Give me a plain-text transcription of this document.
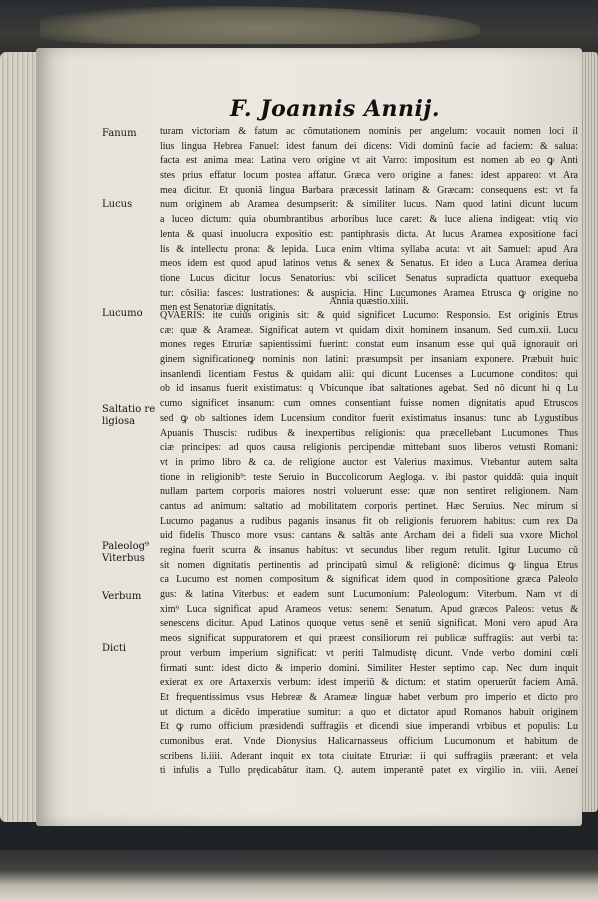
F. Joannis Annij.
Fanum
Lucus
Lucumo
Saltatio re
ligiosa
Paleolog⁹
Viterbus
Verbum
Dicti
turam victoriam & fatum ac cõmutationem nominis per angelum: vocauit nomen loci il
lius lingua Hebrea Fanuel: idest fanum dei dicens: Vidi dominũ facie ad faciem: & salua:
facta est anima mea: Latina vero origine vt ait Varro: impositum est nomen ab eo ꝙ Anti
stes prius effatur locum postea affatur. Græca vero origine a fanes: idest appareo: vt Ara
mea dicitur. Et quoniã lingua Barbara præcessit latinam & Græcam: consequens est: vt fa
num originem ab Aramea desumpserit: & similiter lucus. Nam quod latini dicunt lucum
a luceo dictum: quia obumbrantibus arboribus luce caret: & luce aliena indigeat: vtiq vio
lenta & quasi inuolucra expositio est: pantiphrasis dicta. At lucus Aramea expositione faci
lis & intellectu prona: & lepida. Luca enim vltima syllaba acuta: vt ait Samuel: apud Ara
meos idem est quod apud latinos vetus & senex & Senatus. Et ideo a Luca Aramea deriua
tione Lucus dicitur locus Senatorius: vbi scilicet Senatus supradicta quattuor exequeba
tur: cõsilia: fasces: lustrationes: & auspicia. Hinc Lucumones Aramea Etrusca ꝙ origine no
men est Senatoriæ dignitatis.
Annia quæstio.xiiii.
QVAERIS: ite cuius originis sit: & quid significet Lucumo: Responsio. Est originis Etrus
cæ: quæ & Arameæ. Significat autem vt quidam dixit hominem insanum. Sed cum.xii. Lucu
mones reges Etruriæ sapientissimi fuerint: constat eum insanum esse qui quã ignorauit ori
ginem significationeꝙ nominis non latini: præsumpsit per insaniam exponere. Præbuit huic
insanlendi licentiam Festus & quidam alii: qui dicunt Lucenses a Lucumone conditos: qui
ob id insanus fuerit existimatus: q Vbicunque ibat saltationes agebat. Sed nõ dicunt hi q Lu
cumo significet insanum: cum omnes consentiant fuisse nomen dignitatis apud Etruscos
sed ꝙ ob saltiones idem Lucensium conditor fuerit existimatus insanus: tunc ab Lygustibus
Apuanis Thuscis: rudibus & inexpertibus religionis: qua præcellebant Lucumones Thus
ciæ principes: ad quos causa religionis percipendæ mittebant suos liberos vetusti Romani:
vt in primo libro & ca. de religione auctor est Valerius maximus. Vtebantur autem salta
tione in religionib⁹: teste Seruio in Buccolicorum Aegloga. v. ibi pastor quiddã: quia inquit
nullam partem corporis maiores nostri voluerunt esse: quæ non sentiret religionem. Nam
cantus ad animum: saltatio ad mobilitatem corporis pertinet. Hæc Seruius. Nec mirum si
Lucumo paganus a rudibus paganis insanus fit ob religionis feruorem habitus: cum rex Da
uid fidelis Thusco more vsus: cantans & saltãs ante Archam dei a fideli sua vxore Michol
regina fuerit scurra & insanus habitus: vt secundus liber regum retulit. Igitur Lucumo cũ
sit nomen dignitatis pertinentis ad principatũ simul & religionẽ: dicimus ꝙ lingua Etrus
ca Lucumo est nomen compositum & significat idem quod in compositione græca Paleolo
gus: & latina Viterbus: et eadem sunt Lucumonium: Paleologum: Viterbum. Nam vt di
xim⁹ Luca significat apud Arameos vetus: senem: Senatum. Apud græcos Paleos: vetus &
senescens dicitur. Apud Latinos quoque vetus senẽ et seniũ significat. Moni vero apud Ara
meos significat suppuratorem et qui præest consiliorum rei publicæ suffragiis: aut verbi ta:
prout verbum imperium significat: vt periti Talmudistę dicunt. Vnde verbo domini cœli
firmati sunt: idest dicto & imperio domini. Similiter Hester septimo cap. Nec dum inquit
exierat ex ore Artaxerxis verbum: idest imperiũ & dictum: et statim operuerũt faciem Amã.
Et frequentissimus vsus Hebreæ & Arameæ linguæ habet verbum pro imperio et dicto pro
ut dictum a dicẽdo imperatiue sumitur: a quo et dictator apud Romanos habuit originem
Et ꝙ rumo officium præsidendi suffragiis et dicendi siue imperandi vrbibus et populis: Lu
cumonibus erat. Vnde Dionysius Halicarnasseus officium Lucumonum et habitum de
scribens li.iiii. Aderant inquit ex tota ciuitate Etruriæ: ii qui suffragiis præerant: et vela
ti infulis a Tullo prędicabãtur itam. Q. autem imperantẽ patet ex virgilio in. viii. Aeneí
